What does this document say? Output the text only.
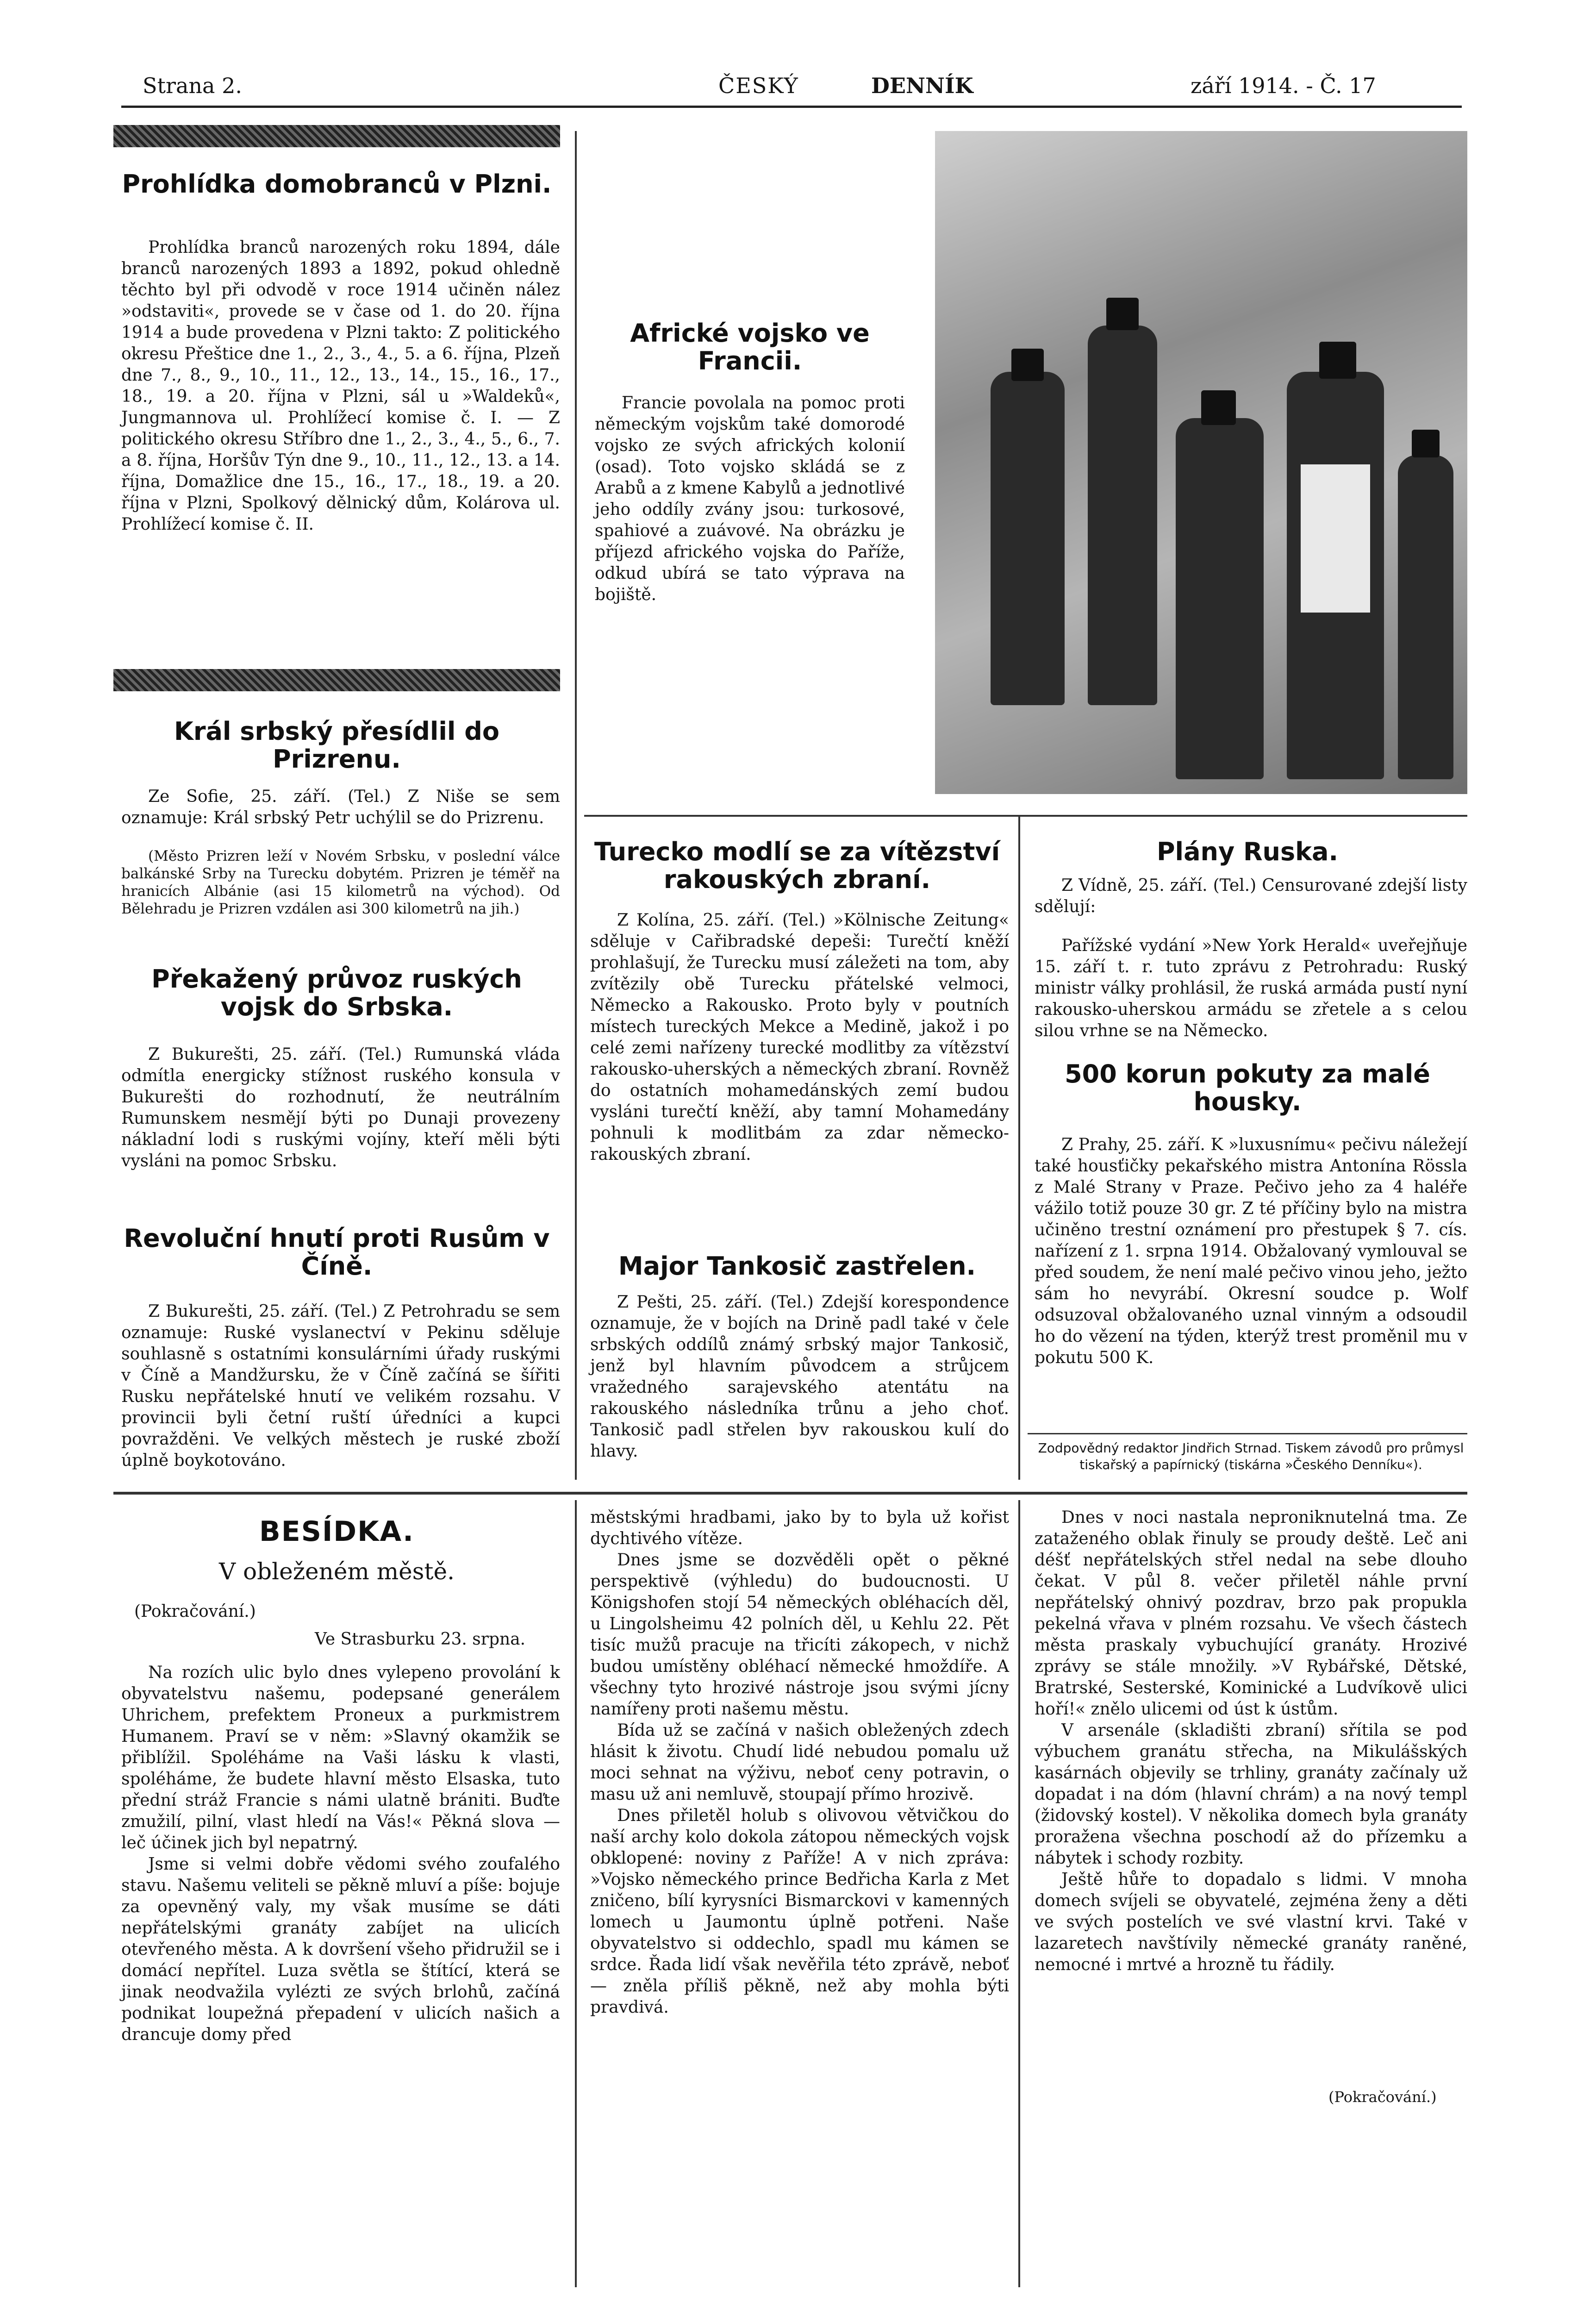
Strana 2.	ČESKÝ	DENNÍK	září 1914. - Č. 1​7
Prohlídka domobranců v Plzni.

Prohlídka branců narozených roku 1894, dále branců narozených 1893 a 1892, pokud ohledně těchto byl při odvodě v roce 1914 učiněn nález »odstaviti«, provede se v čase od 1. do 20. října 1914 a bude provedena v Plzni takto: Z politického okresu Přeštice dne 1., 2., 3., 4., 5. a 6. října, Plzeň dne 7., 8., 9., 10., 11., 12., 13., 14., 15., 16., 17., 18., 19. a 20. října v Plzni, sál u »Waldeků«, Jungmannova ul. Prohlížecí komise č. I. — Z politického okresu Stříbro dne 1., 2., 3., 4., 5., 6., 7. a 8. října, Horšův Týn dne 9., 10., 11., 12., 13. a 14. října, Domažlice dne 15., 16., 17., 18., 19. a 20. října v Plzni, Spolkový dělnický dům, Kolárova ul. Prohlížecí komise č. II.

Král srbský přesídlil do Prizrenu.

Ze Sofie, 25. září. (Tel.) Z Niše se sem oznamuje: Král srbský Petr uchýlil se do Prizrenu.

(Město Prizren leží v Novém Srbsku, v poslední válce balkánské Srby na Turecku dobytém. Prizren je téměř na hranicích Albánie (asi 15 kilometrů na východ). Od Bělehradu je Prizren vzdálen asi 300 kilometrů na jih.)

Překažený průvoz ruských vojsk do Srbska.

Z Bukurešti, 25. září. (Tel.) Rumunská vláda odmítla energicky stížnost ruského konsula v Bukurešti do rozhodnutí, že neutrálním Rumunskem nesmějí býti po Dunaji provezeny nákladní lodi s ruskými vojíny, kteří měli býti vysláni na pomoc Srbsku.

Revoluční hnutí proti Rusům v Číně.

Z Bukurešti, 25. září. (Tel.) Z Petrohradu se sem oznamuje: Ruské vyslanectví v Pekinu sděluje souhlasně s ostatními konsulárními úřady ruskými v Číně a Mandžursku, že v Číně začíná se šířiti Rusku nepřátelské hnutí ve velikém rozsahu. V provincii byli četní ruští úředníci a kupci povražděni. Ve velkých městech je ruské zboží úplně boykotováno.

Africké vojsko ve Francii.

Francie povolala na pomoc proti německým vojskům také domorodé vojsko ze svých afrických kolonií (osad). Toto vojsko skládá se z Arabů a z kmene Kabylů a jednotlivé jeho oddíly zvány jsou: turkosové, spahiové a zuávové. Na obrázku je příjezd afrického vojska do Paříže, odkud ubírá se tato výprava na bojiště.

Turecko modlí se za vítězství rakouských zbraní.

Z Kolína, 25. září. (Tel.) »Kölnische Zeitung« sděluje v Cařibradské depeši: Turečtí kněží prohlašují, že Turecku musí záležeti na tom, aby zvítězily obě Turecku přátelské velmoci, Německo a Rakousko. Proto byly v poutních místech tureckých Mekce a Medině, jakož i po celé zemi nařízeny turecké modlitby za vítězství rakousko-uherských a německých zbraní. Rovněž do ostatních mohamedánských zemí budou vysláni turečtí kněží, aby tamní Mohamedány pohnuli k modlitbám za zdar německo-rakouských zbraní.

Major Tankosič zastřelen.

Z Pešti, 25. září. (Tel.) Zdejší korespondence oznamuje, že v bojích na Drině padl také v čele srbských oddílů známý srbský major Tankosič, jenž byl hlavním původcem a strůjcem vražedného sarajevského atentátu na rakouského následníka trůnu a jeho choť. Tankosič padl střelen byv rakouskou kulí do hlavy.

Plány Ruska.

Z Vídně, 25. září. (Tel.) Censurované zdejší listy sdělují:

Pařížské vydání »New York Herald« uveřejňuje 15. září t. r. tuto zprávu z Petrohradu: Ruský ministr války prohlásil, že ruská armáda pustí nyní rakousko-uherskou armádu se zřetele a s celou silou vrhne se na Německo.

500 korun pokuty za malé housky.

Z Prahy, 25. září. K »luxusnímu« pečivu náležejí také housťičky pekařského mistra Antonína Rössla z Malé Strany v Praze. Pečivo jeho za 4 haléře vážilo totiž pouze 30 gr. Z té příčiny bylo na mistra učiněno trestní oznámení pro přestupek § 7. cís. nařízení z 1. srpna 1914. Obžalovaný vymlouval se před soudem, že není malé pečivo vinou jeho, ježto sám ho nevyrábí. Okresní soudce p. Wolf odsuzoval obžalovaného uznal vinným a odsoudil ho do vězení na týden, kterýž trest proměnil mu v pokutu 500 K.

Zodpovědný redaktor Jindřich Strnad. Tiskem závodů pro průmysl tiskařský a papírnický (tiskárna »Českého Denníku«).
BESÍDKA.
V obleženém městě.
(Pokračování.)
Ve Strasburku 23. srpna.

Na rozích ulic bylo dnes vylepeno provolání k obyvatelstvu našemu, podepsané generálem Uhrichem, prefektem Proneux a purkmistrem Humanem. Praví se v něm: »Slavný okamžik se přiblížil. Spoléháme na Vaši lásku k vlasti, spoléháme, že budete hlavní město Elsaska, tuto přední stráž Francie s námi ulatně brániti. Buďte zmužilí, pilní, vlast hledí na Vás!« Pěkná slova — leč účinek jich byl nepatrný.

Jsme si velmi dobře vědomi svého zoufalého stavu. Našemu veliteli se pěkně mluví a píše: bojuje za opevněný valy, my však musíme se dáti nepřátelskými granáty zabíjet na ulicích otevřeného města. A k dovršení všeho přidružil se i domácí nepřítel. Luza světla se štítící, která se jinak neodvažila vylézti ze svých brlohů, začíná podnikat loupežná přepadení v ulicích našich a drancuje domy před

městskými hradbami, jako by to byla už kořist dychtivého vítěze.

Dnes jsme se dozvěděli opět o pěkné perspektivě (výhledu) do budoucnosti. U Königshofen stojí 54 německých obléhacích děl, u Lingolsheimu 42 polních děl, u Kehlu 22. Pět tisíc mužů pracuje na třicíti zákopech, v nichž budou umístěny obléhací německé hmoždíře. A všechny tyto hrozivé nástroje jsou svými jícny namířeny proti našemu městu.

Bída už se začíná v našich obležených zdech hlásit k životu. Chudí lidé nebudou pomalu už moci sehnat na výživu, neboť ceny potravin, o masu už ani nemluvě, stoupají přímo hrozivě.

Dnes přiletěl holub s olivovou větvičkou do naší archy kolo dokola zátopou německých vojsk obklopené: noviny z Paříže! A v nich zpráva: »Vojsko německého prince Bedřicha Karla z Met zničeno, bílí kyrysníci Bismarckovi v kamenných lomech u Jaumontu úplně potřeni. Naše obyvatelstvo si oddechlo, spadl mu kámen se srdce. Řada lidí však nevěřila této zprávě, neboť — zněla příliš pěkně, než aby mohla býti pravdivá.

Dnes v noci nastala neproniknutelná tma. Ze zataženého oblak řinuly se proudy deště. Leč ani déšť nepřátelských střel nedal na sebe dlouho čekat. V půl 8. večer přiletěl náhle první nepřátelský ohnivý pozdrav, brzo pak propukla pekelná vřava v plném rozsahu. Ve všech částech města praskaly vybuchující granáty. Hrozivé zprávy se stále množily. »V Rybářské, Dětské, Bratrské, Sesterské, Kominické a Ludvíkově ulici hoří!« znělo ulicemi od úst k ústům.

V arsenále (skladišti zbraní) sřítila se pod výbuchem granátu střecha, na Mikulášských kasárnách objevily se trhliny, granáty začínaly už dopadat i na dóm (hlavní chrám) a na nový templ (židovský kostel). V několika domech byla granáty proražena všechna poschodí až do přízemku a nábytek i schody rozbity.

Ještě hůře to dopadalo s lidmi. V mnoha domech svíjeli se obyvatelé, zejména ženy a děti ve svých postelích ve své vlastní krvi. Také v lazaretech navštívily německé granáty raněné, nemocné i mrtvé a hrozně tu řádily.

(Pokračování.)
